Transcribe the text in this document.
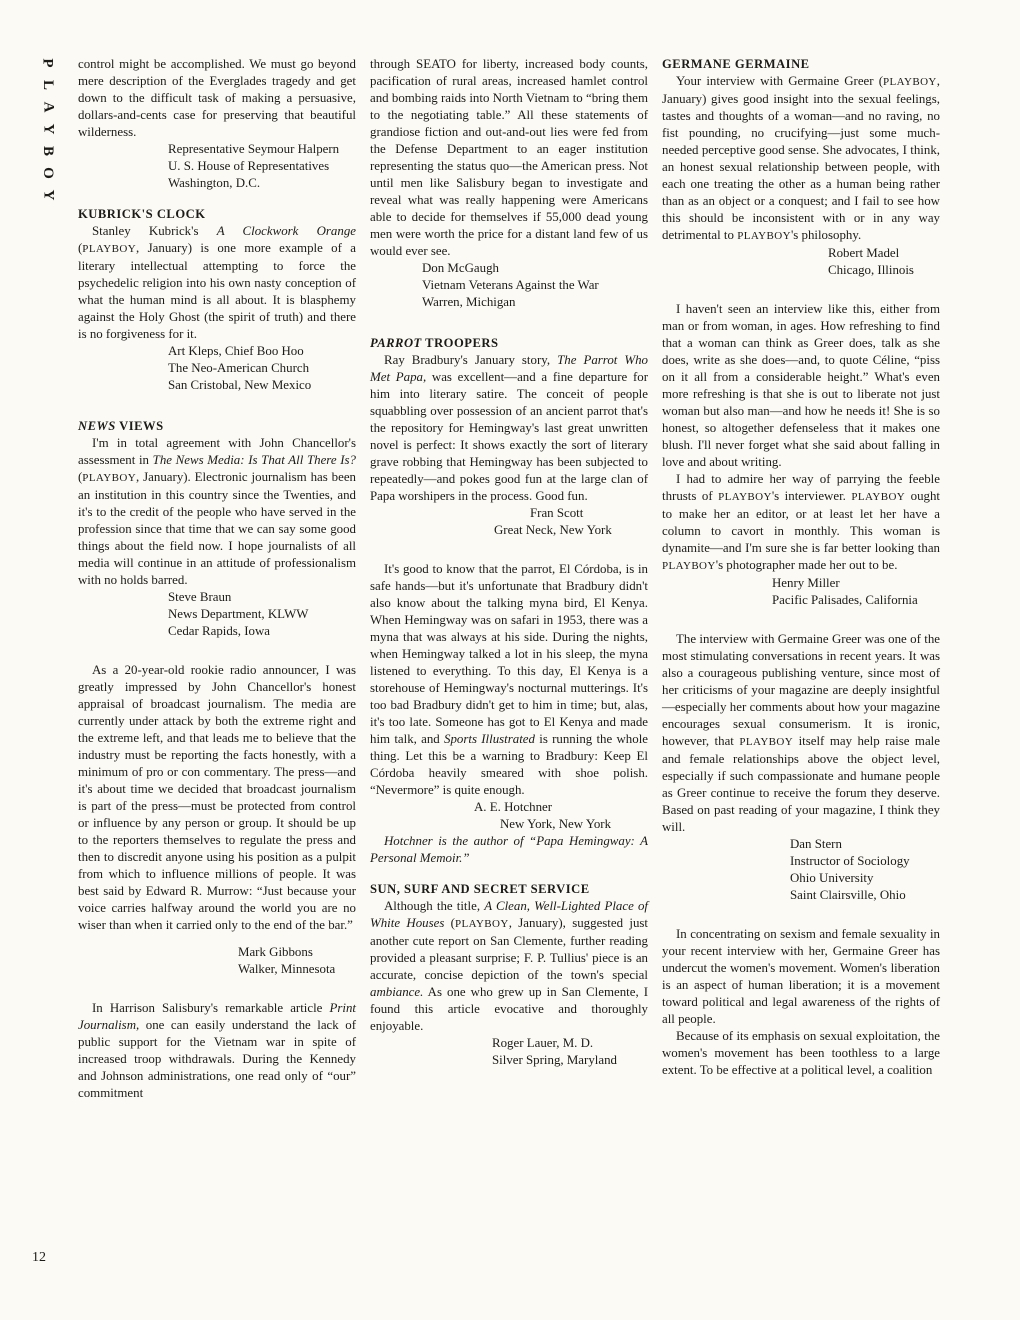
P
L
A
Y
B
O
Y
12

control might be accomplished. We must go beyond mere description of the Everglades tragedy and get down to the difficult task of making a persuasive, dollars-and-cents case for preserving that beautiful wilderness.

Representative Seymour Halpern

U. S. House of Representatives

Washington, D.C.

KUBRICK'S CLOCK

Stanley Kubrick's A Clockwork Orange (PLAYBOY, January) is one more example of a literary intellectual attempting to force the psychedelic religion into his own nasty conception of what the human mind is all about. It is blasphemy against the Holy Ghost (the spirit of truth) and there is no forgiveness for it.

Art Kleps, Chief Boo Hoo

The Neo-American Church

San Cristobal, New Mexico

NEWS VIEWS

I'm in total agreement with John Chancellor's assessment in The News Media: Is That All There Is? (PLAYBOY, January). Electronic journalism has been an institution in this country since the Twenties, and it's to the credit of the people who have served in the profession since that time that we can say some good things about the field now. I hope journalists of all media will continue in an attitude of professionalism with no holds barred.

Steve Braun

News Department, KLWW

Cedar Rapids, Iowa

As a 20-year-old rookie radio announcer, I was greatly impressed by John Chancellor's honest appraisal of broadcast journalism. The media are currently under attack by both the extreme right and the extreme left, and that leads me to believe that the industry must be reporting the facts honestly, with a minimum of pro or con commentary. The press—and it's about time we decided that broadcast journalism is part of the press—must be protected from control or influence by any person or group. It should be up to the reporters themselves to regulate the press and then to discredit anyone using his position as a pulpit from which to influence millions of people. It was best said by Edward R. Murrow: “Just because your voice carries halfway around the world you are no wiser than when it carried only to the end of the bar.”

Mark Gibbons

Walker, Minnesota

In Harrison Salisbury's remarkable article Print Journalism, one can easily understand the lack of public support for the Vietnam war in spite of increased troop withdrawals. During the Kennedy and Johnson administrations, one read only of “our” commitment

through SEATO for liberty, increased body counts, pacification of rural areas, increased hamlet control and bombing raids into North Vietnam to “bring them to the negotiating table.” All these statements of grandiose fiction and out-and-out lies were fed from the Defense Department to an eager institution representing the status quo—the American press. Not until men like Salisbury began to investigate and reveal what was really happening were Americans able to decide for themselves if 55,000 dead young men were worth the price for a distant land few of us would ever see.

Don McGaugh

Vietnam Veterans Against the War

Warren, Michigan

PARROT TROOPERS

Ray Bradbury's January story, The Parrot Who Met Papa, was excellent—and a fine departure for him into literary satire. The conceit of people squabbling over possession of an ancient parrot that's the repository for Hemingway's last great unwritten novel is perfect: It shows exactly the sort of literary grave robbing that Hemingway has been subjected to repeatedly—and pokes good fun at the large clan of Papa worshipers in the process. Good fun.

Fran Scott

Great Neck, New York

It's good to know that the parrot, El Córdoba, is in safe hands—but it's unfortunate that Bradbury didn't also know about the talking myna bird, El Kenya. When Hemingway was on safari in 1953, there was a myna that was always at his side. During the nights, when Hemingway talked a lot in his sleep, the myna listened to everything. To this day, El Kenya is a storehouse of Hemingway's nocturnal mutterings. It's too bad Bradbury didn't get to him in time; but, alas, it's too late. Someone has got to El Kenya and made him talk, and Sports Illustrated is running the whole thing. Let this be a warning to Bradbury: Keep El Córdoba heavily smeared with shoe polish. “Nevermore” is quite enough.

A. E. Hotchner

New York, New York

Hotchner is the author of “Papa Hemingway: A Personal Memoir.”

SUN, SURF AND SECRET SERVICE

Although the title, A Clean, Well-Lighted Place of White Houses (PLAYBOY, January), suggested just another cute report on San Clemente, further reading provided a pleasant surprise; F. P. Tullius' piece is an accurate, concise depiction of the town's special ambiance. As one who grew up in San Clemente, I found this article evocative and thoroughly enjoyable.

Roger Lauer, M. D.

Silver Spring, Maryland

GERMANE GERMAINE

Your interview with Germaine Greer (PLAYBOY, January) gives good insight into the sexual feelings, tastes and thoughts of a woman—and no raving, no fist pounding, no crucifying—just some much-needed perceptive good sense. She advocates, I think, an honest sexual relationship between people, with each one treating the other as a human being rather than as an object or a conquest; and I fail to see how this should be inconsistent with or in any way detrimental to PLAYBOY's philosophy.

Robert Madel

Chicago, Illinois

I haven't seen an interview like this, either from man or from woman, in ages. How refreshing to find that a woman can think as Greer does, talk as she does, write as she does—and, to quote Céline, “piss on it all from a considerable height.” What's even more refreshing is that she is out to liberate not just woman but also man—and how he needs it! She is so honest, so altogether defenseless that it makes one blush. I'll never forget what she said about falling in love and about writing.

I had to admire her way of parrying the feeble thrusts of PLAYBOY's interviewer. PLAYBOY ought to make her an editor, or at least let her have a column to cavort in monthly. This woman is dynamite—and I'm sure she is far better looking than PLAYBOY's photographer made her out to be.

Henry Miller

Pacific Palisades, California

The interview with Germaine Greer was one of the most stimulating conversations in recent years. It was also a courageous publishing venture, since most of her criticisms of your magazine are deeply insightful—especially her comments about how your magazine encourages sexual consumerism. It is ironic, however, that PLAYBOY itself may help raise male and female relationships above the object level, especially if such compassionate and humane people as Greer continue to receive the forum they deserve. Based on past reading of your magazine, I think they will.

Dan Stern

Instructor of Sociology

Ohio University

Saint Clairsville, Ohio

In concentrating on sexism and female sexuality in your recent interview with her, Germaine Greer has undercut the women's movement. Women's liberation is an aspect of human liberation; it is a movement toward political and legal awareness of the rights of all people.

Because of its emphasis on sexual exploitation, the women's movement has been toothless to a large extent. To be effective at a political level, a coalition
